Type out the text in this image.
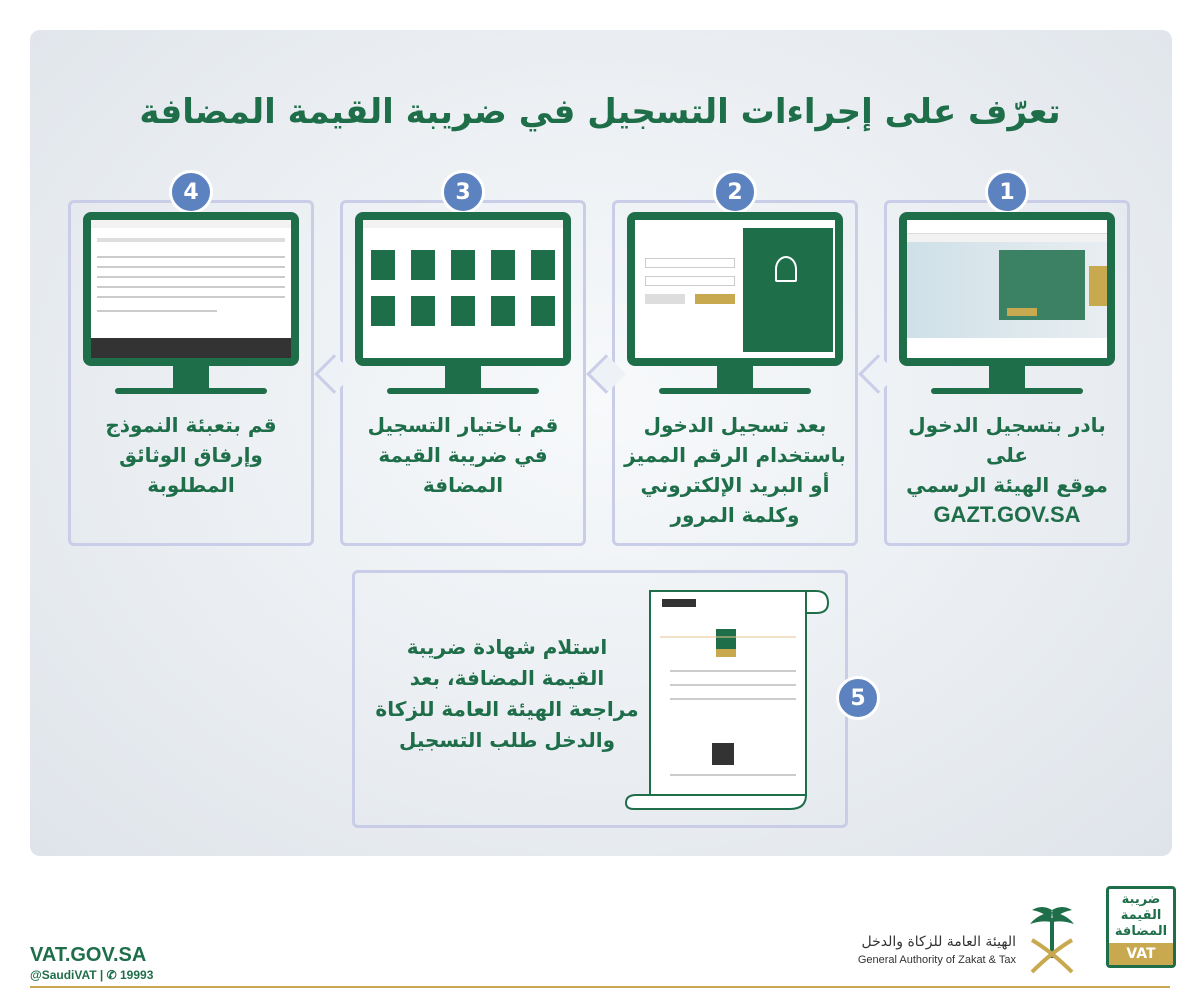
تعرّف على إجراءات التسجيل في ضريبة القيمة المضافة
1
بادر بتسجيل الدخول على
موقع الهيئة الرسمي
GAZT.GOV.SA
2
بعد تسجيل الدخول
باستخدام الرقم المميز
أو البريد الإلكتروني
وكلمة المرور
3
قم باختيار التسجيل
في ضريبة القيمة
المضافة
4
قم بتعبئة النموذج
وإرفاق الوثائق
المطلوبة
5
استلام شهادة ضريبة
القيمة المضافة، بعد
مراجعة الهيئة العامة للزكاة
والدخل طلب التسجيل
VAT.GOV.SA
@SaudiVAT | ✆ 19993
الهيئة العامة للزكاة والدخل
General Authority of Zakat & Tax
ضريبة
القيمة
المضافة
VAT
